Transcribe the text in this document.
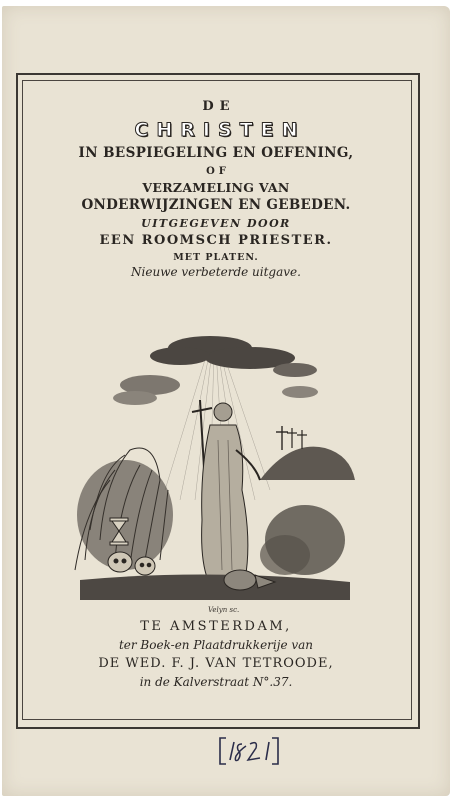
DE
CHRISTEN
IN BESPIEGELING EN OEFENING,
OF
VERZAMELING VAN
ONDERWIJZINGEN EN GEBEDEN.
UITGEGEVEN DOOR
EEN ROOMSCH PRIESTER.
MET PLATEN.
Nieuwe verbeterde uitgave.
Velyn sc.
TE AMSTERDAM,
ter Boek-en Plaatdrukkerije van
DE WED. F. J. VAN TETROODE,
in de Kalverstraat N°.37.
